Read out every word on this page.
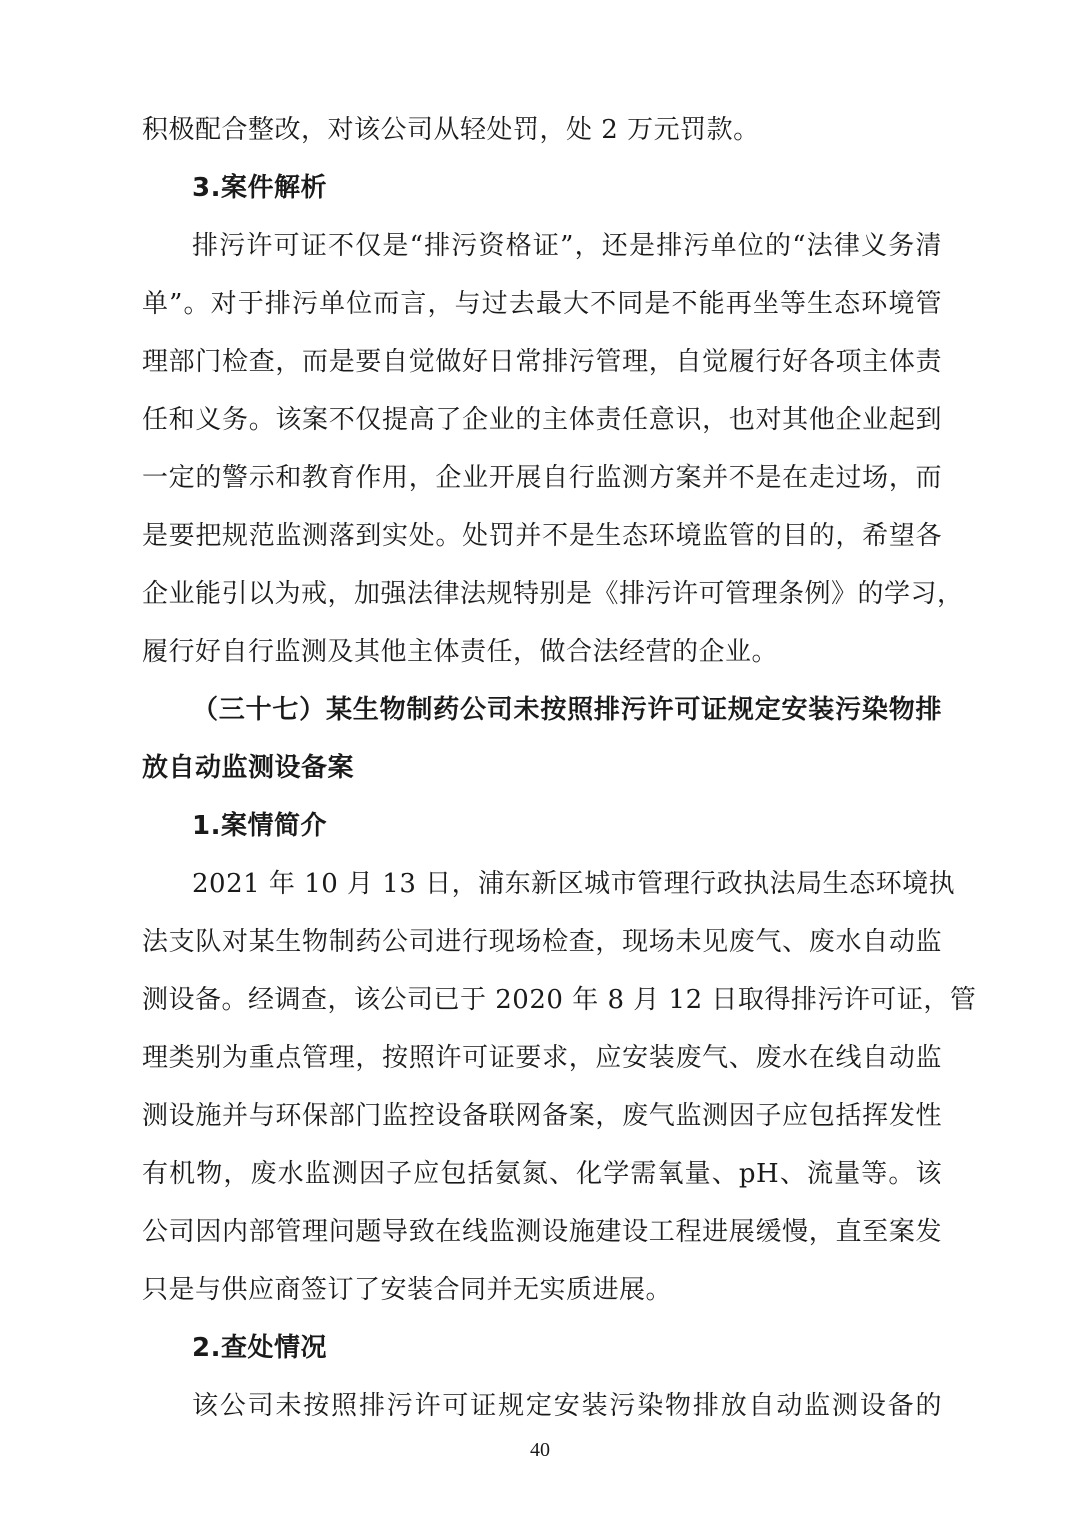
积极配合整改，对该公司从轻处罚，处 2 万元罚款。
3.案件解析
排污许可证不仅是“排污资格证”，还是排污单位的“法律义务清
单”。对于排污单位而言，与过去最大不同是不能再坐等生态环境管
理部门检查，而是要自觉做好日常排污管理，自觉履行好各项主体责
任和义务。该案不仅提高了企业的主体责任意识，也对其他企业起到
一定的警示和教育作用，企业开展自行监测方案并不是在走过场，而
是要把规范监测落到实处。处罚并不是生态环境监管的目的，希望各
企业能引以为戒，加强法律法规特别是《排污许可管理条例》的学习，
履行好自行监测及其他主体责任，做合法经营的企业。
（三十七）某生物制药公司未按照排污许可证规定安装污染物排
放自动监测设备案
1.案情简介
2021 年 10 月 13 日，浦东新区城市管理行政执法局生态环境执
法支队对某生物制药公司进行现场检查，现场未见废气、废水自动监
测设备。经调查，该公司已于 2020 年 8 月 12 日取得排污许可证，管
理类别为重点管理，按照许可证要求，应安装废气、废水在线自动监
测设施并与环保部门监控设备联网备案，废气监测因子应包括挥发性
有机物，废水监测因子应包括氨氮、化学需氧量、pH、流量等。该
公司因内部管理问题导致在线监测设施建设工程进展缓慢，直至案发
只是与供应商签订了安装合同并无实质进展。
2.查处情况
该公司未按照排污许可证规定安装污染物排放自动监测设备的
40
